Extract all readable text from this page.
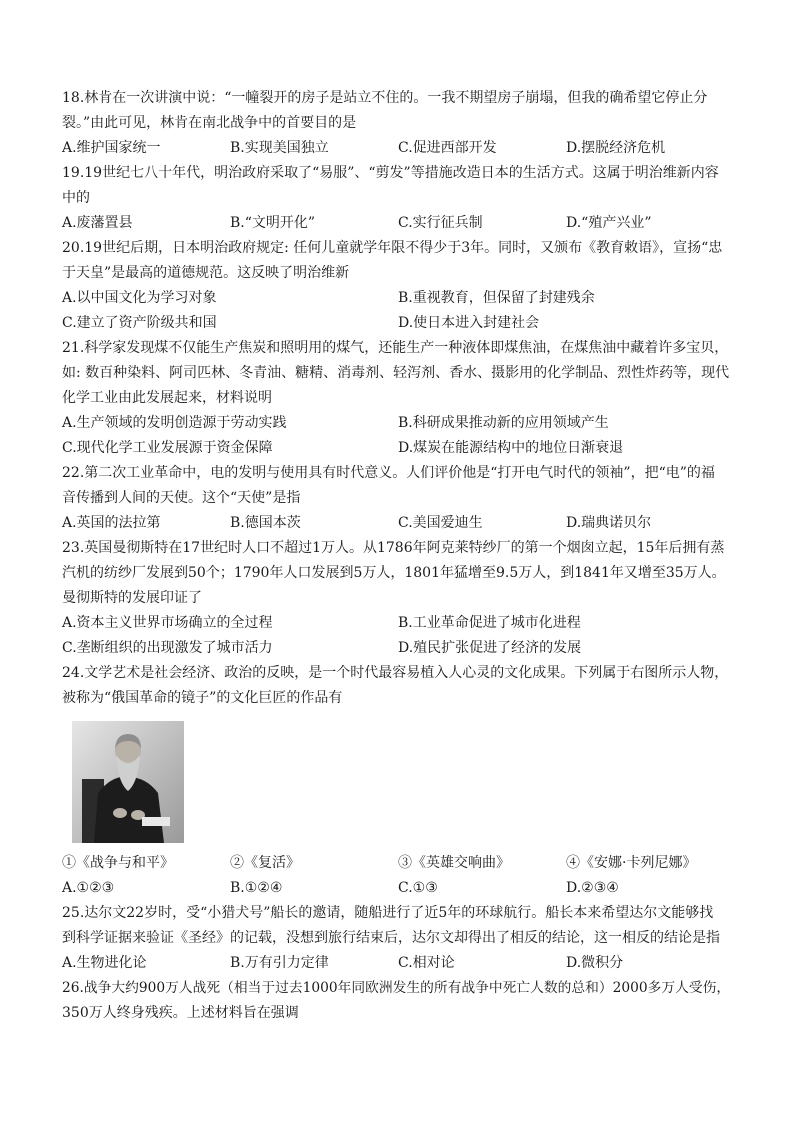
18.林肯在一次讲演中说：“一幢裂开的房子是站立不住的。一我不期望房子崩塌，但我的确希望它停止分
裂。”由此可见，林肯在南北战争中的首要目的是
A.维护国家统一	B.实现美国独立	C.促进西部开发	D.摆脱经济危机
19.19世纪七八十年代，明治政府采取了“易服”、“剪发”等措施改造日本的生活方式。这属于明治维新内容
中的
A.废藩置县	B.“文明开化”	C.实行征兵制	D.“殖产兴业”
20.19世纪后期，日本明治政府规定: 任何儿童就学年限不得少于3年。同时，又颁布《教育敕语》，宣扬“忠
于天皇”是最高的道德规范。这反映了明治维新
A.以中国文化为学习对象	B.重视教育，但保留了封建残余
C.建立了资产阶级共和国	D.使日本进入封建社会
21.科学家发现煤不仅能生产焦炭和照明用的煤气，还能生产一种液体即煤焦油，在煤焦油中藏着许多宝贝，
如: 数百种染料、阿司匹林、冬青油、糖精、消毒剂、轻泻剂、香水、摄影用的化学制品、烈性炸药等，现代
化学工业由此发展起来，材料说明
A.生产领域的发明创造源于劳动实践	B.科研成果推动新的应用领域产生
C.现代化学工业发展源于资金保障	D.煤炭在能源结构中的地位日渐衰退
22.第二次工业革命中，电的发明与使用具有时代意义。人们评价他是“打开电气时代的领袖”，把“电”的福
音传播到人间的天使。这个“天使”是指
A.英国的法拉第	B.德国本茨	C.美国爱迪生	D.瑞典诺贝尔
23.英国曼彻斯特在17世纪时人口不超过1万人。从1786年阿克莱特纱厂的第一个烟囱立起，15年后拥有蒸
汽机的纺纱厂发展到50个；1790年人口发展到5万人，1801年猛增至9.5万人，到1841年又增至35万人。
曼彻斯特的发展印证了
A.资本主义世界市场确立的全过程	B.工业革命促进了城市化进程
C.垄断组织的出现激发了城市活力	D.殖民扩张促进了经济的发展
24.文学艺术是社会经济、政治的反映，是一个时代最容易植入人心灵的文化成果。下列属于右图所示人物，
被称为“俄国革命的镜子”的文化巨匠的作品有
①《战争与和平》	②《复活》	③《英雄交响曲》	④《安娜·卡列尼娜》
A.①②③	B.①②④	C.①③	D.②③④
25.达尔文22岁时，受“小猎犬号”船长的邀请，随船进行了近5年的环球航行。船长本来希望达尔文能够找
到科学证据来验证《圣经》的记载，没想到旅行结束后，达尔文却得出了相反的结论，这一相反的结论是指
A.生物进化论	B.万有引力定律	C.相对论	D.微积分
26.战争大约900万人战死（相当于过去1000年同欧洲发生的所有战争中死亡人数的总和）2000多万人受伤，
350万人终身残疾。上述材料旨在强调
